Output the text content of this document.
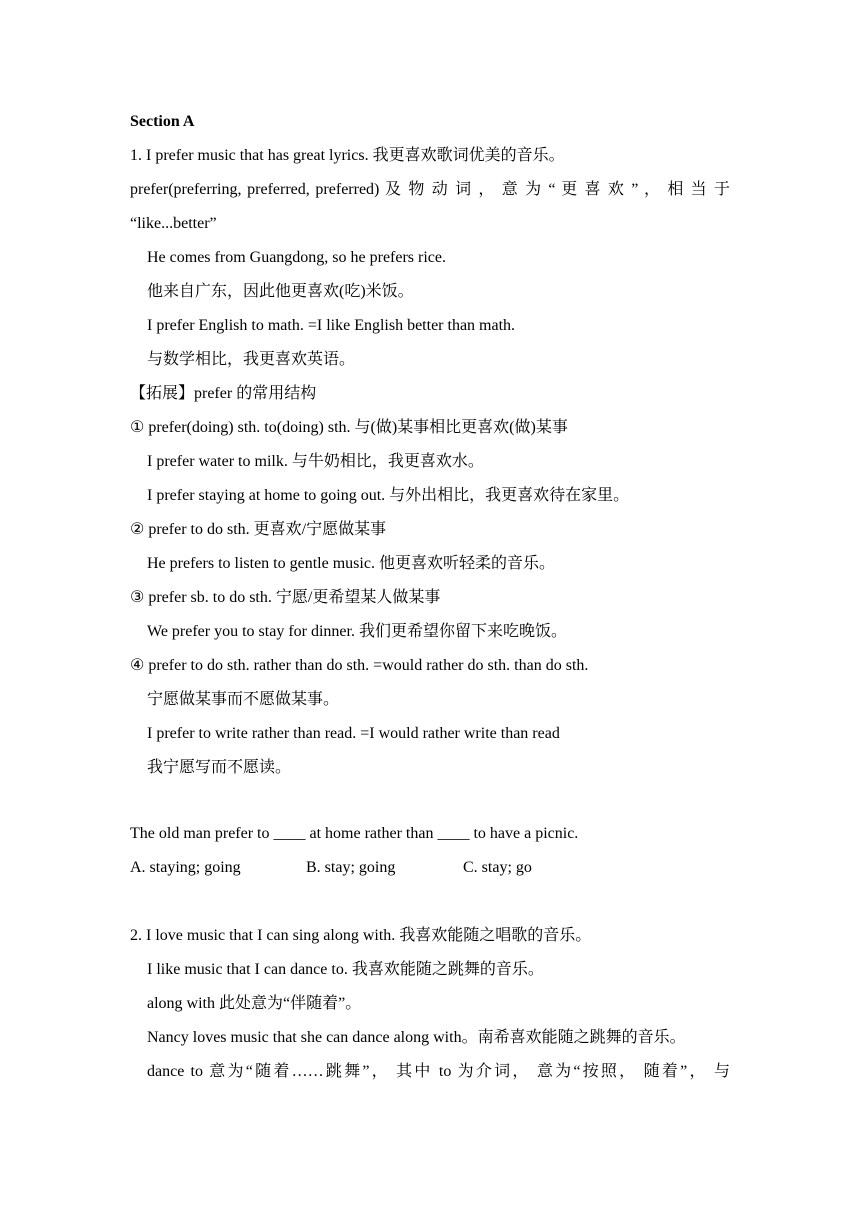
Section A
1. I prefer music that has great lyrics. 我更喜欢歌词优美的音乐。
prefer(preferring, preferred, preferred) 及 物 动 词 ， 意 为 “ 更 喜 欢 ” ， 相 当 于
“like...better”
He comes from Guangdong, so he prefers rice.
他来自广东，因此他更喜欢(吃)米饭。
I prefer English to math. =I like English better than math.
与数学相比，我更喜欢英语。
【拓展】prefer 的常用结构
① prefer(doing) sth. to(doing) sth. 与(做)某事相比更喜欢(做)某事
I prefer water to milk. 与牛奶相比，我更喜欢水。
I prefer staying at home to going out. 与外出相比，我更喜欢待在家里。
② prefer to do sth. 更喜欢/宁愿做某事
He prefers to listen to gentle music. 他更喜欢听轻柔的音乐。
③ prefer sb. to do sth. 宁愿/更希望某人做某事
We prefer you to stay for dinner. 我们更希望你留下来吃晚饭。
④ prefer to do sth. rather than do sth. =would rather do sth. than do sth.
宁愿做某事而不愿做某事。
I prefer to write rather than read. =I would rather write than read
我宁愿写而不愿读。
The old man prefer to ____ at home rather than ____ to have a picnic.
A. staying; going	B. stay; going	C. stay; go
2. I love music that I can sing along with. 我喜欢能随之唱歌的音乐。
I like music that I can dance to. 我喜欢能随之跳舞的音乐。
along with 此处意为“伴随着”。
Nancy loves music that she can dance along with。南希喜欢能随之跳舞的音乐。
dance to 意为“随着……跳舞”， 其中 to 为介词， 意为“按照， 随着”， 与
